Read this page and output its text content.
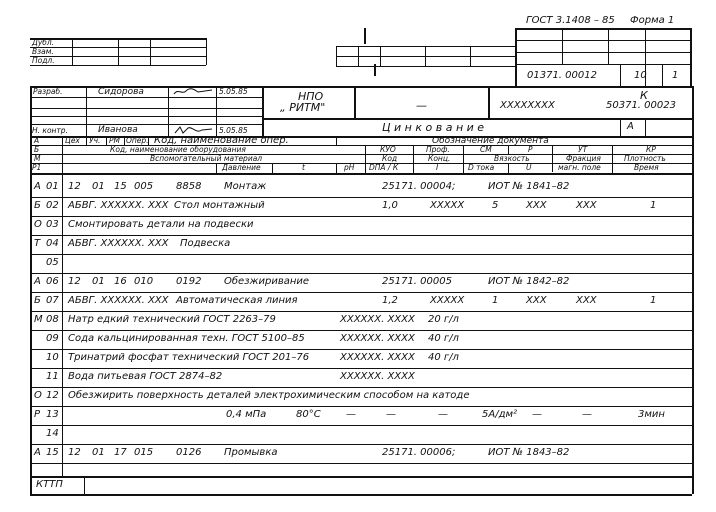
ГОСТ 3.1408 – 85 Форма 1
01371. 00012	10	1
Дубл.
Взам.
Подл.
Разраб.	Сидорова	5.05.85
Н. контр.	Иванова	5.05.85
НПО
„ РИТМ"	—	ХХХХХХХХ
К
50371. 00023
Ц и н к о в а н и е	А
А	Цех Уч. РМ Опер. Код, наименование опер.	Обозначение документа
Б	Код, наименование оборудования	КУО	Проф.	СМ	Р	УТ	КР
М	Вспомогательный материал	Код	Конц.	Вязкость	Фракция	Плотность
Р1	Давление	t	pH DПА / К	I	D тока	U	магн. поле	Время
А 01 12 01 15 005 8858 Монтаж	25171. 00004;	ИОТ № 1841–82
Б 02 АБВГ. ХХХХХХ. ХХХ Стол монтажный	1,0	ХХХХХ	5	ХХХ	ХХХ	1
О 03 Смонтировать детали на подвески
Т 04 АБВГ. ХХХХХХ. ХХХ Подвеска
05
А 06 12 01 16 010 0192 Обезжиривание	25171. 00005	ИОТ № 1842–82
Б 07 АБВГ. ХХХХХХ. ХХХ Автоматическая линия	1,2	ХХХХХ	1	ХХХ	ХХХ	1
М 08 Натр едкий технический ГОСТ 2263–79	ХХХХХХ. ХХХХ 20 г/л
09 Сода кальцинированная техн. ГОСТ 5100–85	ХХХХХХ. ХХХХ 40 г/л
10 Тринатрий фосфат технический ГОСТ 201–76	ХХХХХХ. ХХХХ 40 г/л
11 Вода питьевая ГОСТ 2874–82	ХХХХХХ. ХХХХ
О 12 Обезжирить поверхность деталей электрохимическим способом на катоде
Р 13	0,4 мПа	80°С	—	—	—	5А/дм² —	—	3мин
14
А 15 12 01 17 015 0126 Промывка	25171. 00006;	ИОТ № 1843–82
КТТП
